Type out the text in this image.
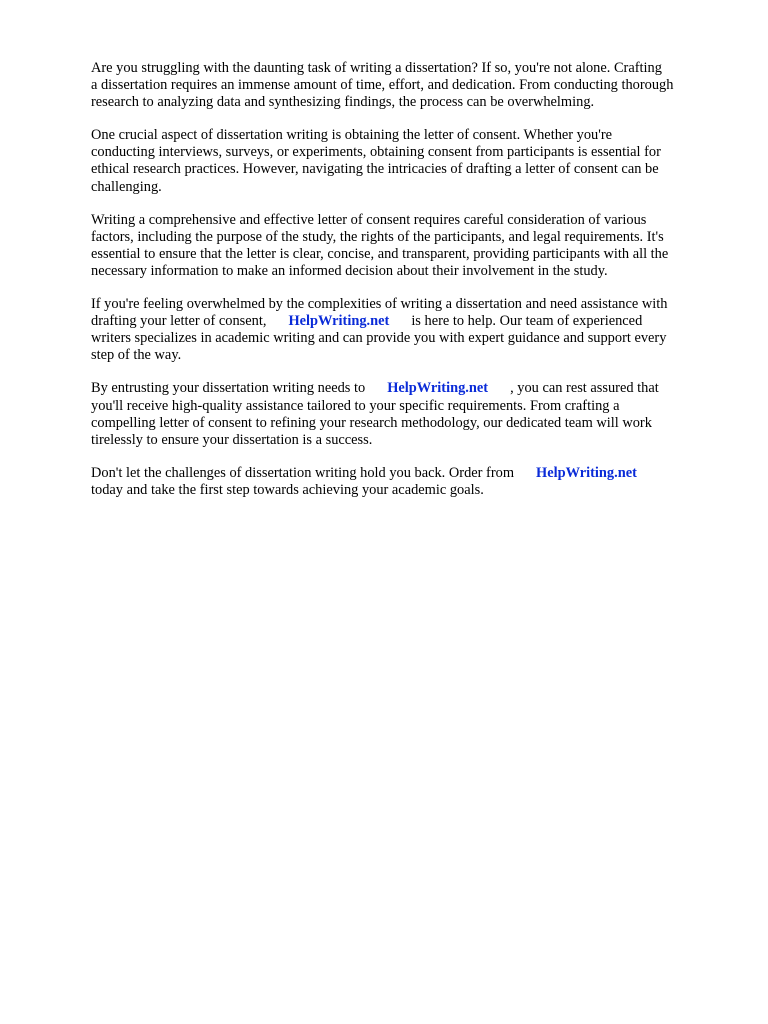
Are you struggling with the daunting task of writing a dissertation? If so, you're not alone. Crafting
a dissertation requires an immense amount of time, effort, and dedication. From conducting thorough
research to analyzing data and synthesizing findings, the process can be overwhelming.

One crucial aspect of dissertation writing is obtaining the letter of consent. Whether you're
conducting interviews, surveys, or experiments, obtaining consent from participants is essential for
ethical research practices. However, navigating the intricacies of drafting a letter of consent can be
challenging.

Writing a comprehensive and effective letter of consent requires careful consideration of various
factors, including the purpose of the study, the rights of the participants, and legal requirements. It's
essential to ensure that the letter is clear, concise, and transparent, providing participants with all the
necessary information to make an informed decision about their involvement in the study.

If you're feeling overwhelmed by the complexities of writing a dissertation and need assistance with
drafting your letter of consent, HelpWriting.net is here to help. Our team of experienced
writers specializes in academic writing and can provide you with expert guidance and support every
step of the way.

By entrusting your dissertation writing needs to HelpWriting.net , you can rest assured that
you'll receive high-quality assistance tailored to your specific requirements. From crafting a
compelling letter of consent to refining your research methodology, our dedicated team will work
tirelessly to ensure your dissertation is a success.

Don't let the challenges of dissertation writing hold you back. Order from HelpWriting.net
today and take the first step towards achieving your academic goals.
